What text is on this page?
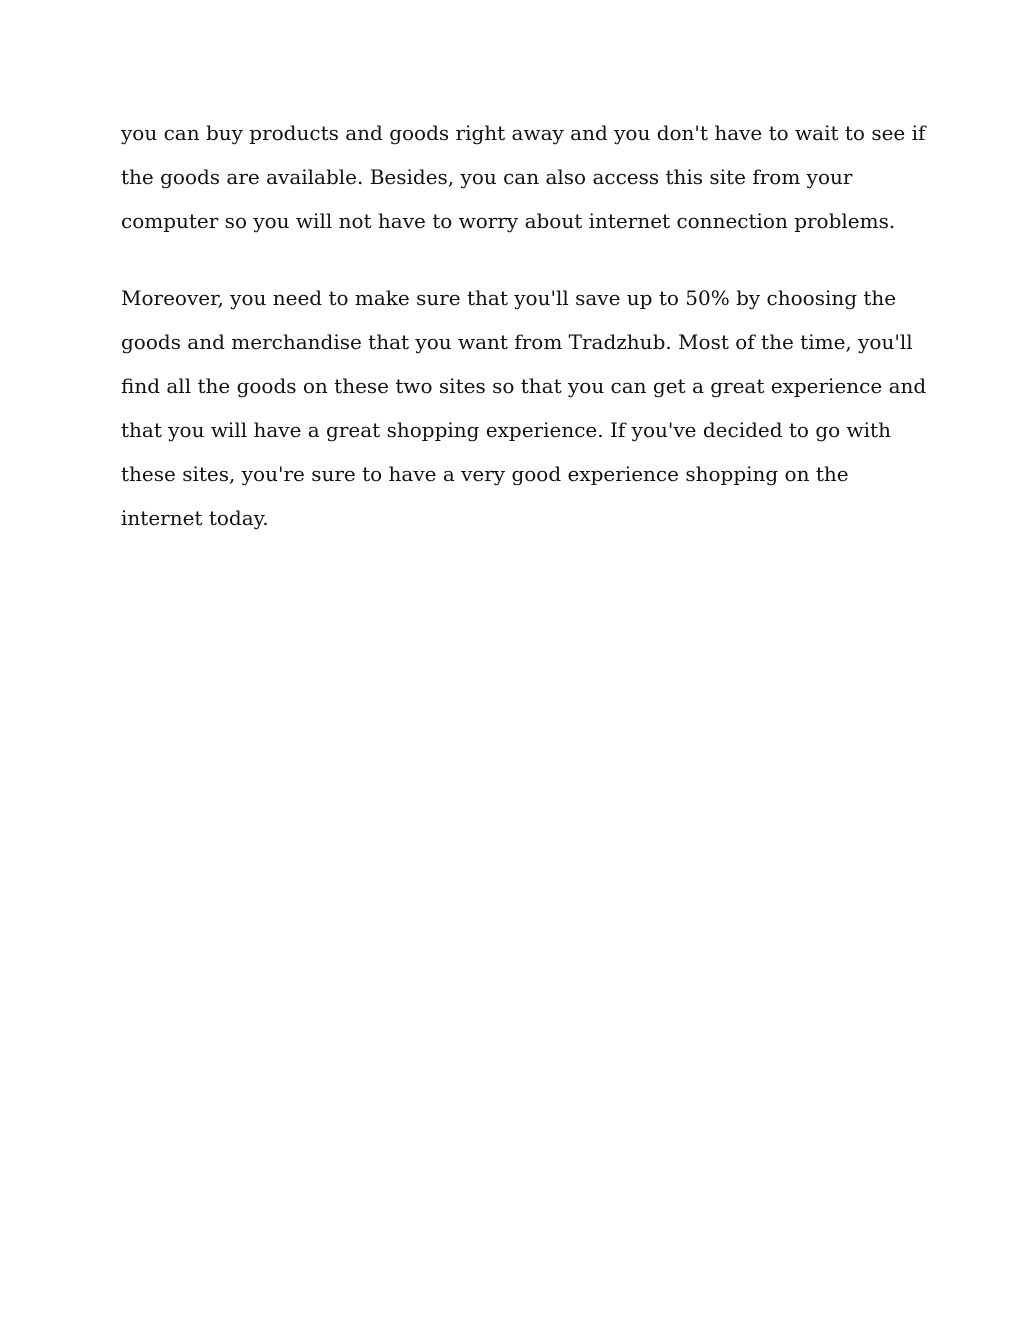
you can buy products and goods right away and you don't have to wait to see if
the goods are available. Besides, you can also access this site from your
computer so you will not have to worry about internet connection problems.

Moreover, you need to make sure that you'll save up to 50% by choosing the
goods and merchandise that you want from Tradzhub. Most of the time, you'll
find all the goods on these two sites so that you can get a great experience and
that you will have a great shopping experience. If you've decided to go with
these sites, you're sure to have a very good experience shopping on the
internet today.
